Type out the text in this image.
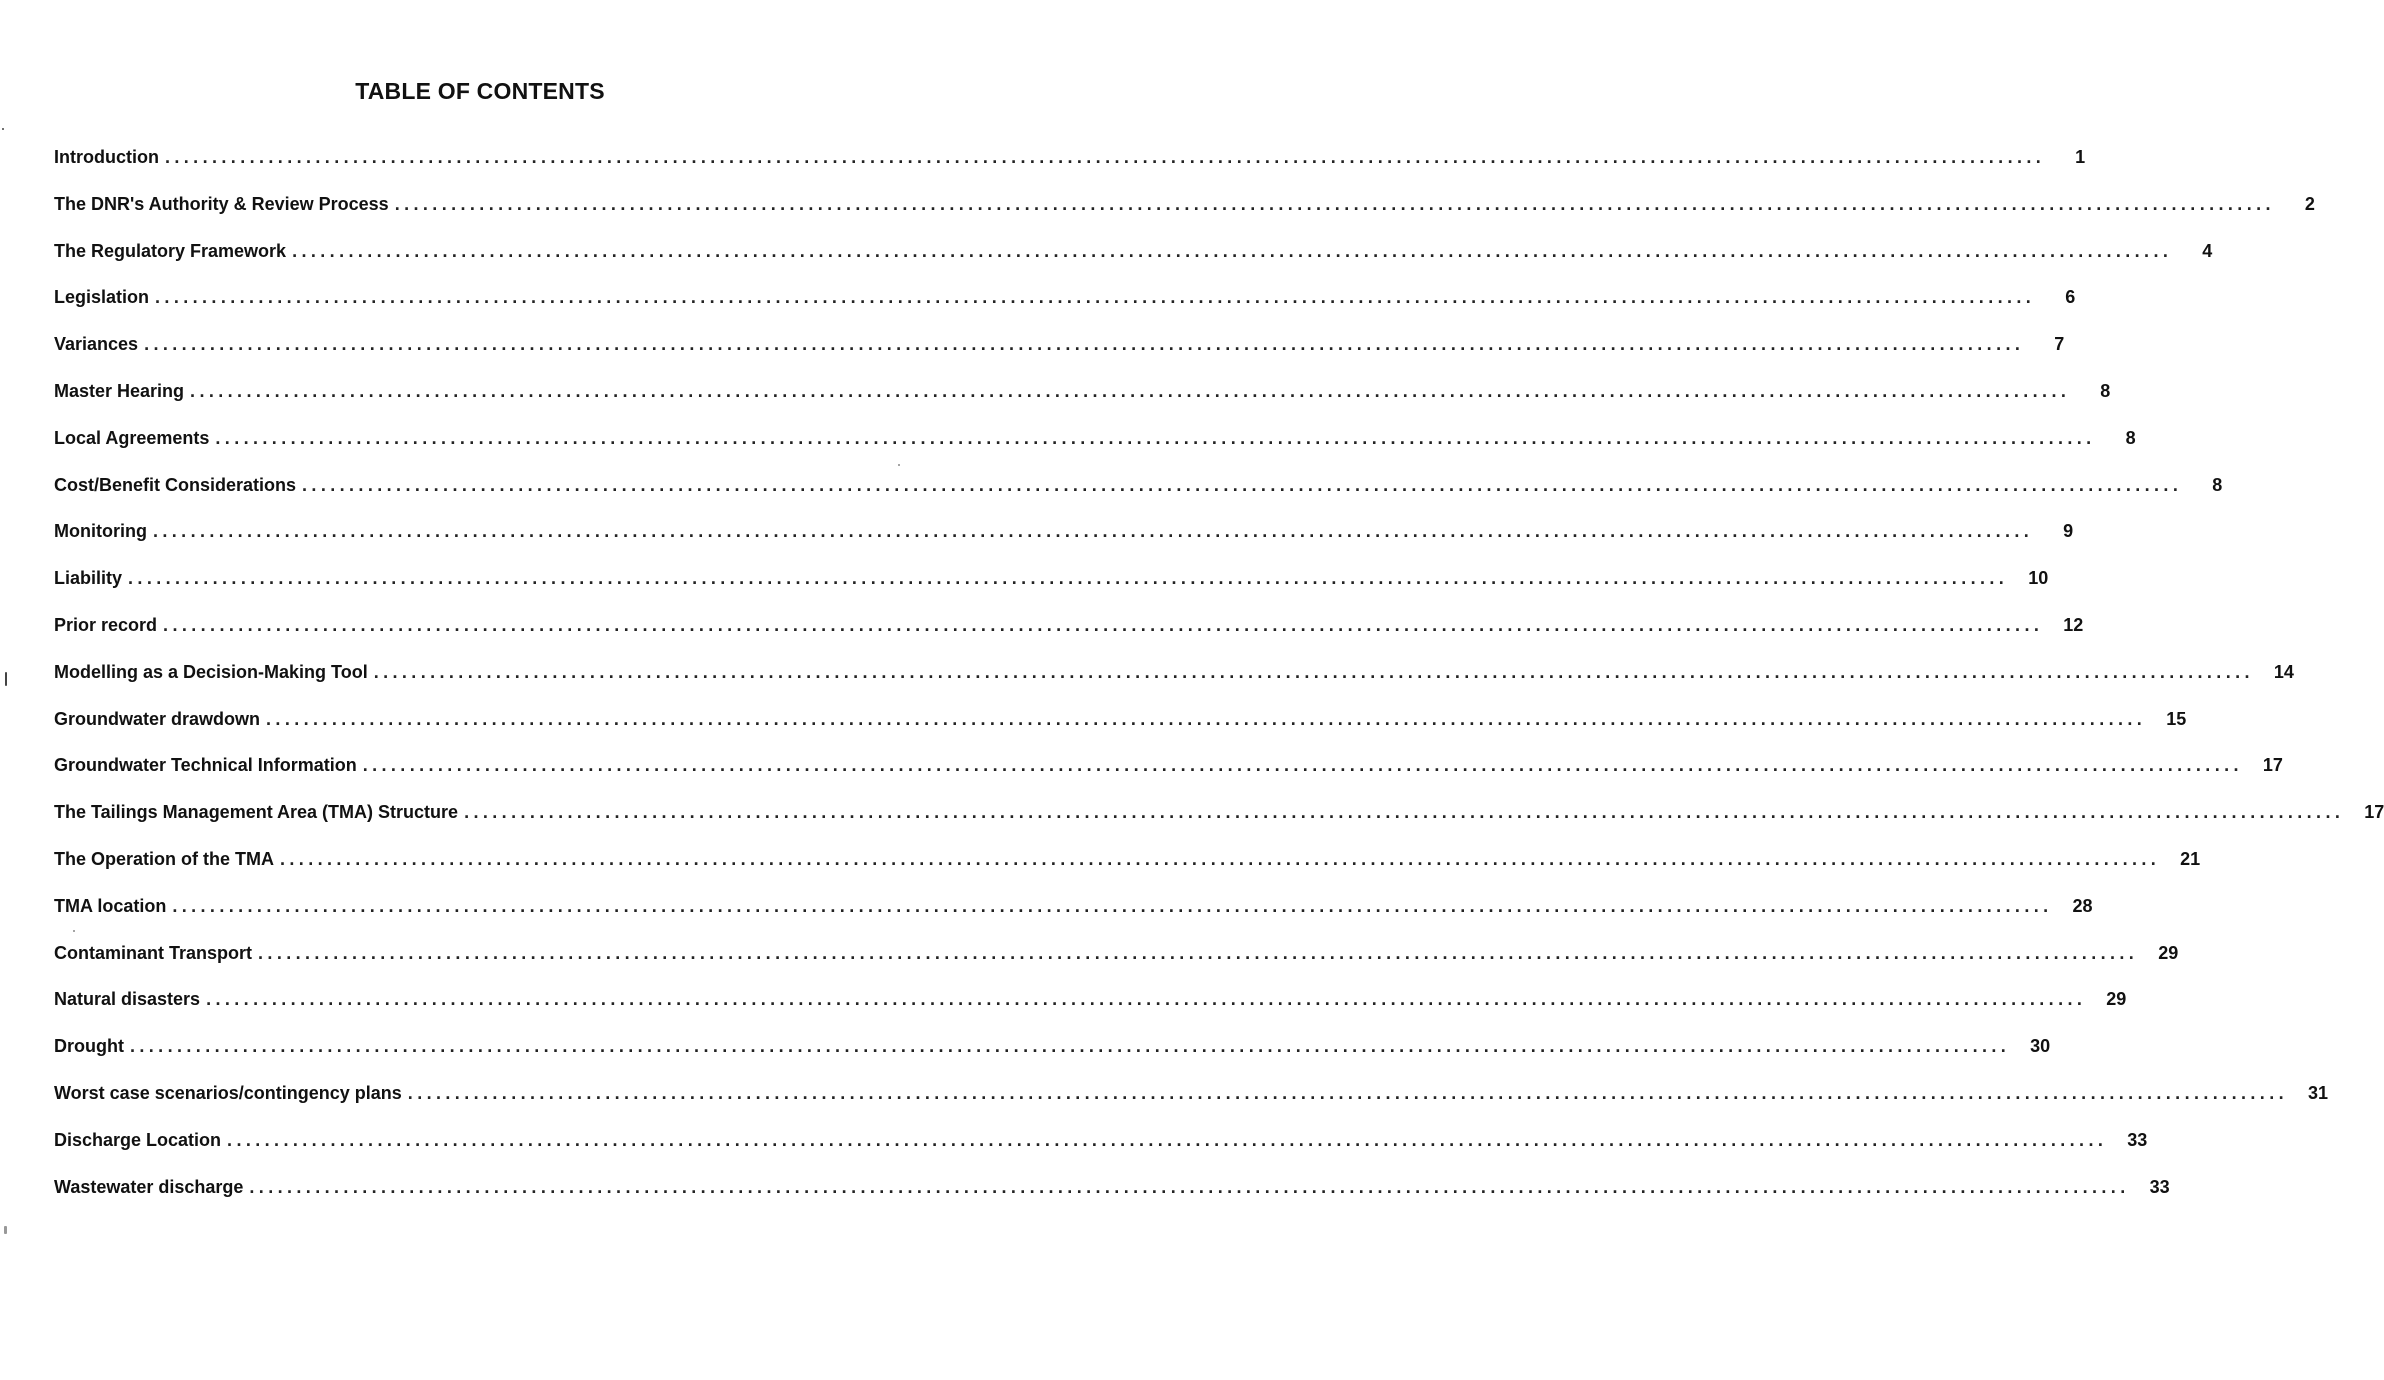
TABLE OF CONTENTS
Introduction ........................................................................................................................................................................................................	1
The DNR's Authority & Review Process ........................................................................................................................................................................................................	2
The Regulatory Framework ........................................................................................................................................................................................................	4
Legislation ........................................................................................................................................................................................................	6
Variances ........................................................................................................................................................................................................	7
Master Hearing ........................................................................................................................................................................................................	8
Local Agreements ........................................................................................................................................................................................................	8
Cost/Benefit Considerations ........................................................................................................................................................................................................	8
Monitoring ........................................................................................................................................................................................................	9
Liability ........................................................................................................................................................................................................	10
Prior record ........................................................................................................................................................................................................	12
Modelling as a Decision-Making Tool ........................................................................................................................................................................................................	14
Groundwater drawdown ........................................................................................................................................................................................................	15
Groundwater Technical Information ........................................................................................................................................................................................................	17
The Tailings Management Area (TMA) Structure ........................................................................................................................................................................................................	17
The Operation of the TMA ........................................................................................................................................................................................................	21
TMA location ........................................................................................................................................................................................................	28
Contaminant Transport ........................................................................................................................................................................................................	29
Natural disasters ........................................................................................................................................................................................................	29
Drought ........................................................................................................................................................................................................	30
Worst case scenarios/contingency plans ........................................................................................................................................................................................................	31
Discharge Location ........................................................................................................................................................................................................	33
Wastewater discharge ........................................................................................................................................................................................................	33
